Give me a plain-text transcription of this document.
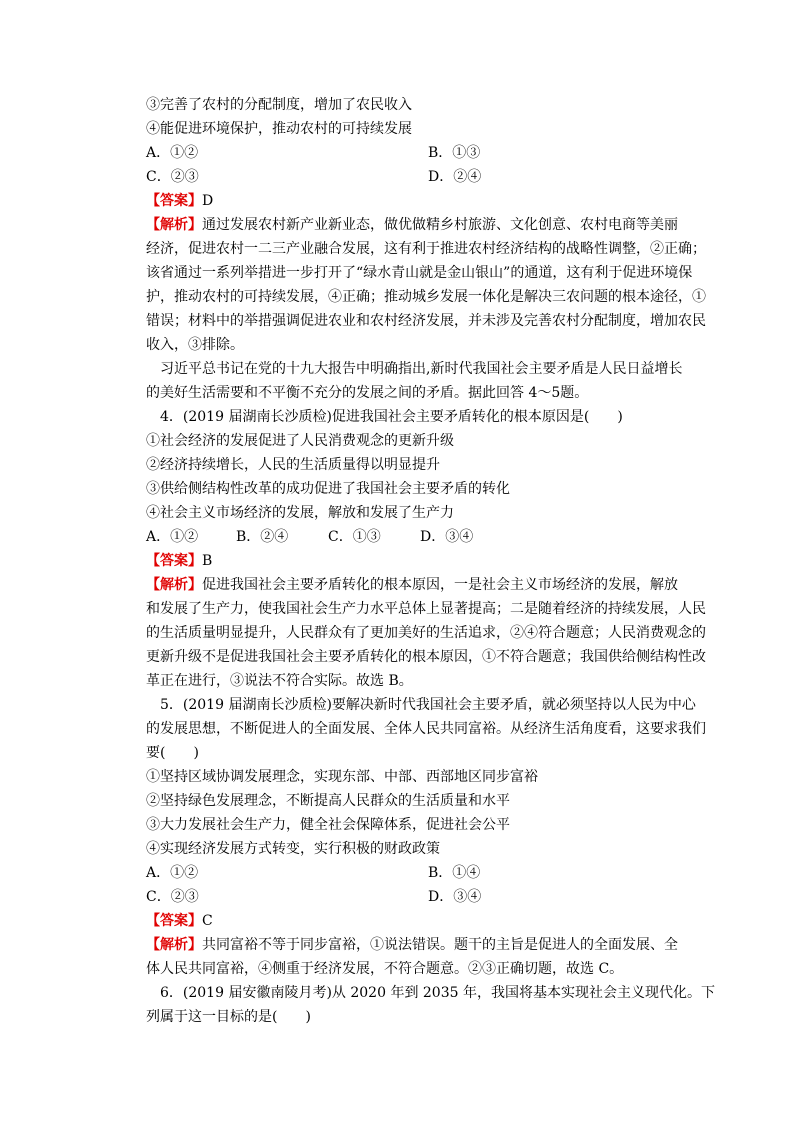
③完善了农村的分配制度，增加了农民收入
④能促进环境保护，推动农村的可持续发展
A．①②	B．①③
C．②③	D．②④
【答案】D
【解析】通过发展农村新产业新业态，做优做精乡村旅游、文化创意、农村电商等美丽
经济，促进农村一二三产业融合发展，这有利于推进农村经济结构的战略性调整，②正确；
该省通过一系列举措进一步打开了“绿水青山就是金山银山”的通道，这有利于促进环境保
护，推动农村的可持续发展，④正确；推动城乡发展一体化是解决三农问题的根本途径，①
错误；材料中的举措强调促进农业和农村经济发展，并未涉及完善农村分配制度，增加农民
收入，③排除。
习近平总书记在党的十九大报告中明确指出,新时代我国社会主要矛盾是人民日益增长
的美好生活需要和不平衡不充分的发展之间的矛盾。据此回答 4～5题。
4．(2019 届湖南长沙质检)促进我国社会主要矛盾转化的根本原因是(　　)
①社会经济的发展促进了人民消费观念的更新升级
②经济持续增长，人民的生活质量得以明显提升
③供给侧结构性改革的成功促进了我国社会主要矛盾的转化
④社会主义市场经济的发展，解放和发展了生产力
A．①②	B．②④	C．①③	D．③④
【答案】B
【解析】促进我国社会主要矛盾转化的根本原因，一是社会主义市场经济的发展，解放
和发展了生产力，使我国社会生产力水平总体上显著提高；二是随着经济的持续发展，人民
的生活质量明显提升，人民群众有了更加美好的生活追求，②④符合题意；人民消费观念的
更新升级不是促进我国社会主要矛盾转化的根本原因，①不符合题意；我国供给侧结构性改
革正在进行，③说法不符合实际。故选 B。
5．(2019 届湖南长沙质检)要解决新时代我国社会主要矛盾，就必须坚持以人民为中心
的发展思想，不断促进人的全面发展、全体人民共同富裕。从经济生活角度看，这要求我们
要(　　)
①坚持区域协调发展理念，实现东部、中部、西部地区同步富裕
②坚持绿色发展理念，不断提高人民群众的生活质量和水平
③大力发展社会生产力，健全社会保障体系，促进社会公平
④实现经济发展方式转变，实行积极的财政政策
A．①②	B．①④
C．②③	D．③④
【答案】C
【解析】共同富裕不等于同步富裕，①说法错误。题干的主旨是促进人的全面发展、全
体人民共同富裕，④侧重于经济发展，不符合题意。②③正确切题，故选 C。
6．(2019 届安徽南陵月考)从 2020 年到 2035 年，我国将基本实现社会主义现代化。下
列属于这一目标的是(　　)
